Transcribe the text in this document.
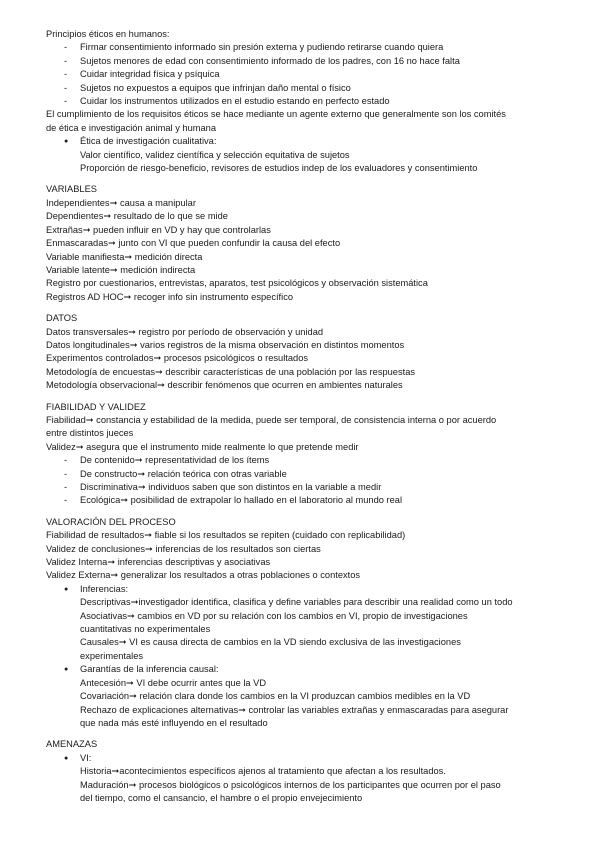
Principios éticos en humanos:
- Firmar consentimiento informado sin presión externa y pudiendo retirarse cuando quiera
- Sujetos menores de edad con consentimiento informado de los padres, con 16 no hace falta
- Cuidar integridad física y psíquica
- Sujetos no expuestos a equipos que infrinjan daño mental o físico
- Cuidar los instrumentos utilizados en el estudio estando en perfecto estado
El cumplimiento de los requisitos éticos se hace mediante un agente externo que generalmente son los comités
de ética e investigación animal y humana
● Ética de investigación cualitativa:
Valor científico, validez científica y selección equitativa de sujetos
Proporción de riesgo-beneficio, revisores de estudios indep de los evaluadores y consentimiento
VARIABLES
Independientes➞ causa a manipular
Dependientes➞ resultado de lo que se mide
Extrañas➞ pueden influir en VD y hay que controlarlas
Enmascaradas➞ junto con VI que pueden confundir la causa del efecto
Variable manifiesta➞ medición directa
Variable latente➞ medición indirecta
Registro por cuestionarios, entrevistas, aparatos, test psicológicos y observación sistemática
Registros AD HOC➞ recoger info sin instrumento específico
DATOS
Datos transversales➞ registro por período de observación y unidad
Datos longitudinales➞ varios registros de la misma observación en distintos momentos
Experimentos controlados➞ procesos psicológicos o resultados
Metodología de encuestas➞ describir características de una población por las respuestas
Metodología observacional➞ describir fenómenos que ocurren en ambientes naturales
FIABILIDAD Y VALIDEZ
Fiabilidad➞ constancia y estabilidad de la medida, puede ser temporal, de consistencia interna o por acuerdo
entre distintos jueces
Validez➞ asegura que el instrumento mide realmente lo que pretende medir
- De contenido➞ representatividad de los ítems
- De constructo➞ relación teórica con otras variable
- Discriminativa➞ individuos saben que son distintos en la variable a medir
- Ecológica➞ posibilidad de extrapolar lo hallado en el laboratorio al mundo real
VALORACIÓN DEL PROCESO
Fiabilidad de resultados➞ fiable si los resultados se repiten (cuidado con replicabilidad)
Validez de conclusiones➞ inferencias de los resultados son ciertas
Validez Interna➞ inferencias descriptivas y asociativas
Validez Externa➞ generalizar los resultados a otras poblaciones o contextos
● Inferencias:
Descriptivas➞investigador identifica, clasifica y define variables para describir una realidad como un todo
Asociativas➞ cambios en VD por su relación con los cambios en VI, propio de investigaciones
cuantitativas no experimentales
Causales➞ VI es causa directa de cambios en la VD siendo exclusiva de las investigaciones
experimentales
● Garantías de la inferencia causal:
Antecesión➞ VI debe ocurrir antes que la VD
Covariación➞ relación clara donde los cambios en la VI produzcan cambios medibles en la VD
Rechazo de explicaciones alternativas➞ controlar las variables extrañas y enmascaradas para asegurar
que nada más esté influyendo en el resultado
AMENAZAS
● VI:
Historia➞acontecimientos específicos ajenos al tratamiento que afectan a los resultados.
Maduración➞ procesos biológicos o psicológicos internos de los participantes que ocurren por el paso
del tiempo, como el cansancio, el hambre o el propio envejecimiento
